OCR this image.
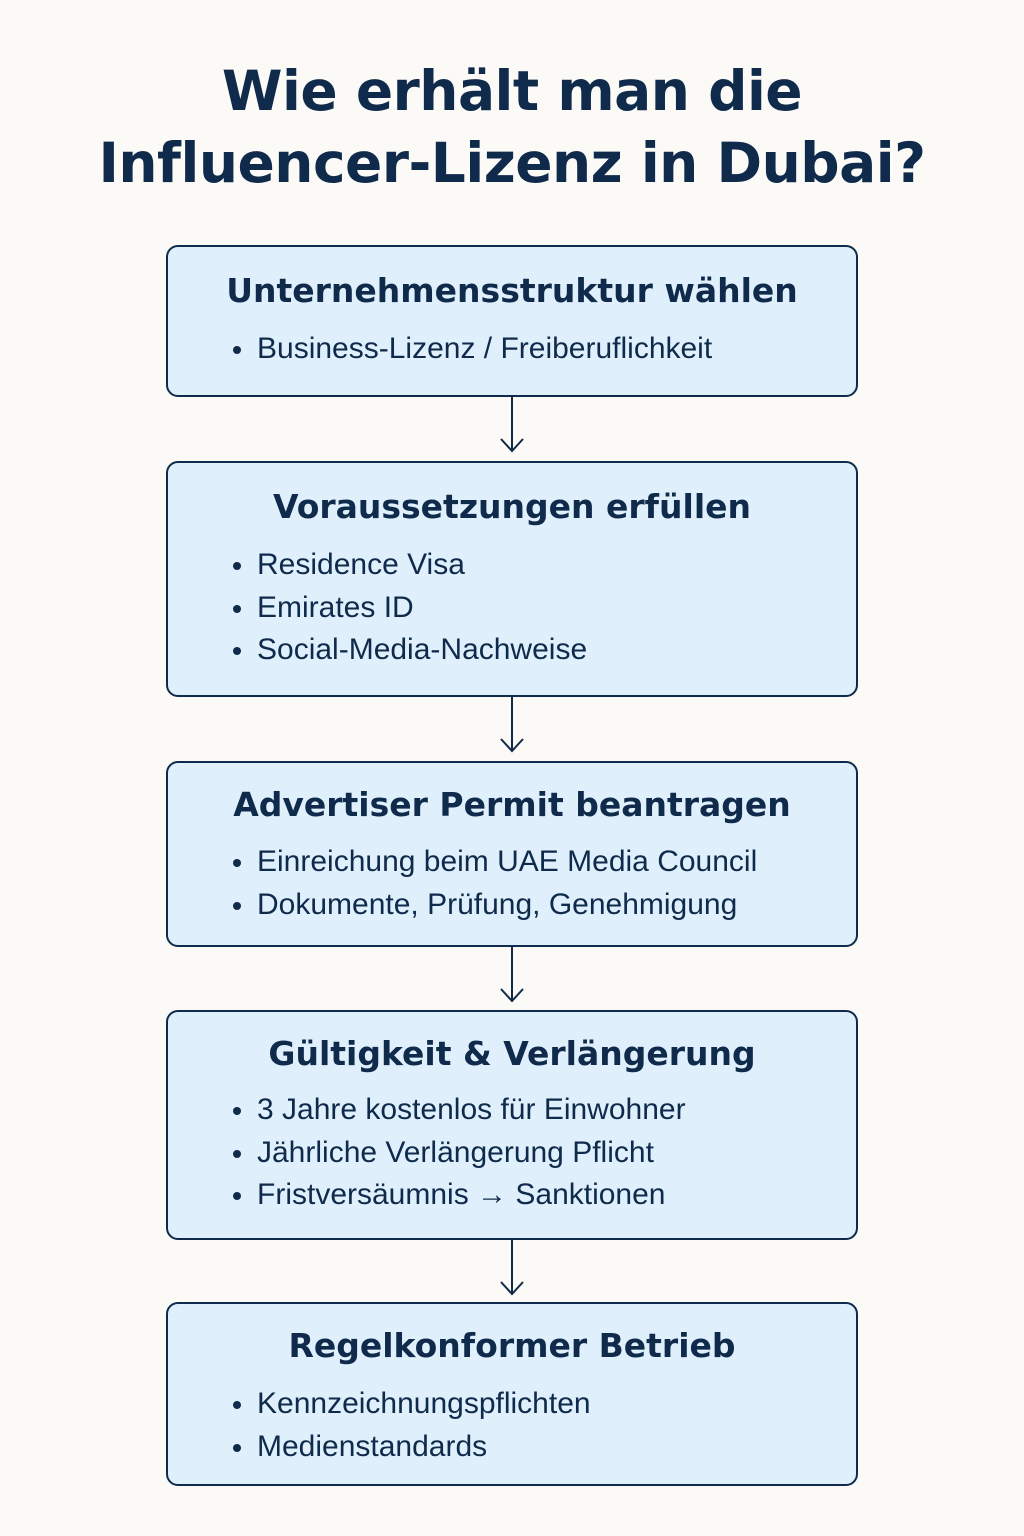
Wie erhält man die
Influencer-Lizenz in Dubai?
Unternehmensstruktur wählen
Business-Lizenz / Freiberuflichkeit
Voraussetzungen erfüllen
Residence Visa
Emirates ID
Social-Media-Nachweise
Advertiser Permit beantragen
Einreichung beim UAE Media Council
Dokumente, Prüfung, Genehmigung
Gültigkeit & Verlängerung
3 Jahre kostenlos für Einwohner
Jährliche Verlängerung Pflicht
Fristversäumnis → Sanktionen
Regelkonformer Betrieb
Kennzeichnungspflichten
Medienstandards
